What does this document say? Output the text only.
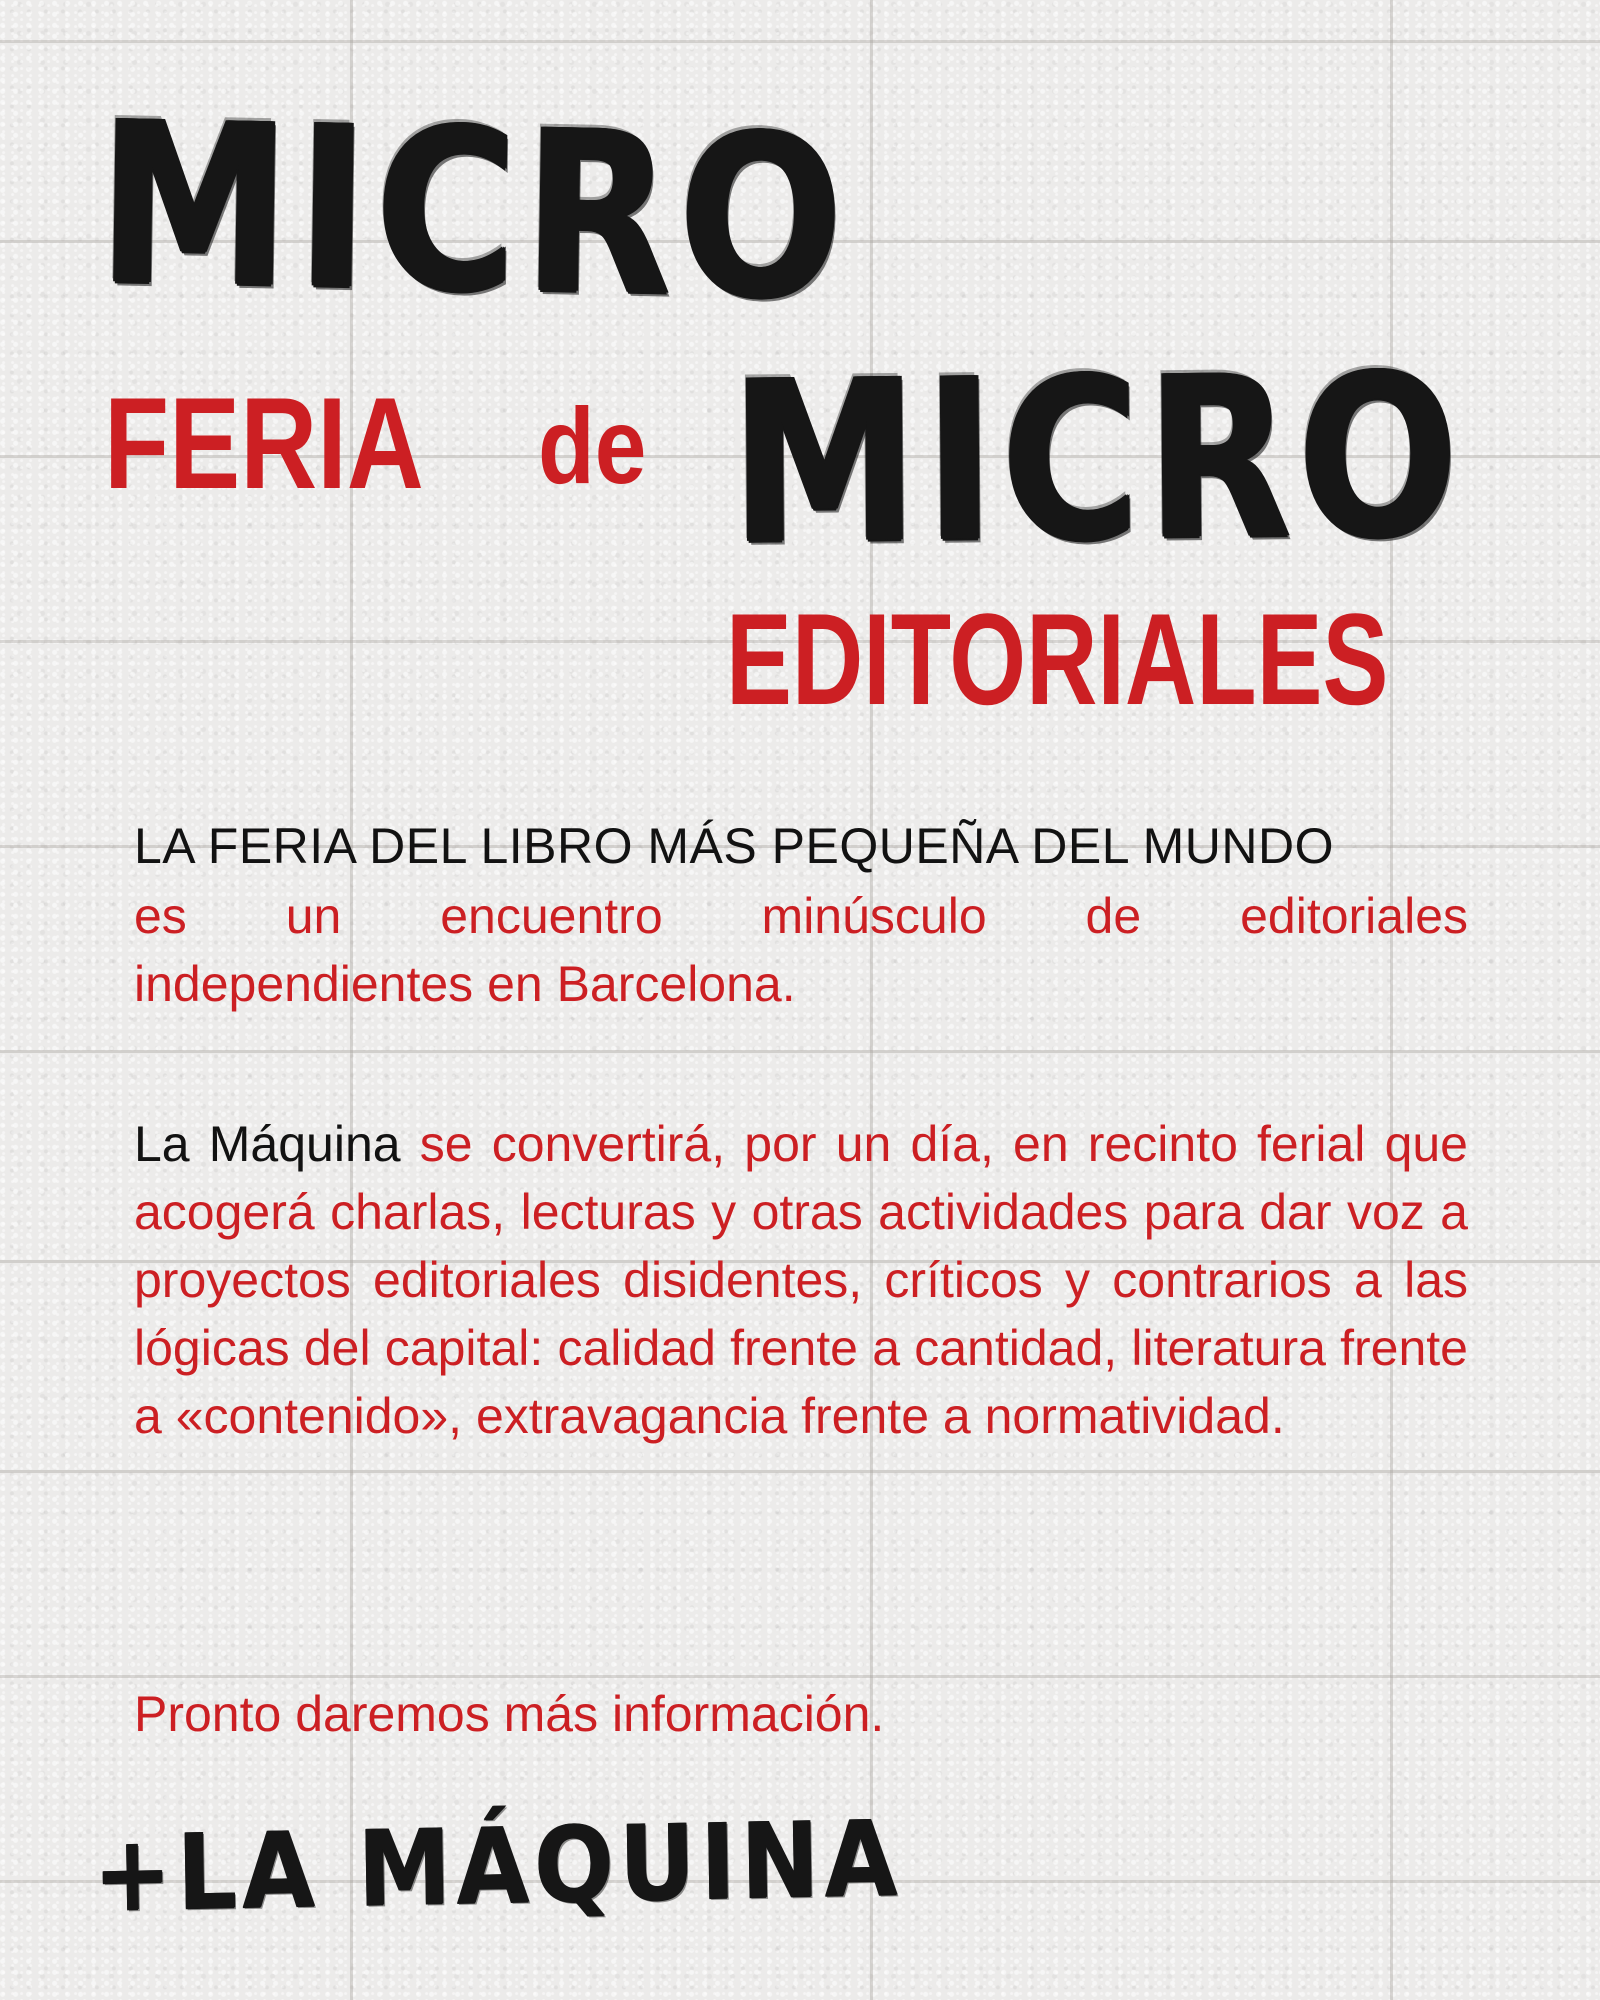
MICRO
FERIA de MICRO
EDITORIALES
LA FERIA DEL LIBRO MÁS PEQUEÑA DEL MUNDO
es un encuentro minúsculo de editoriales
independientes en Barcelona.
La Máquina se convertirá, por un día, en recinto ferial que acogerá charlas, lecturas y otras actividades para dar voz a proyectos editoriales disidentes, críticos y contrarios a las lógicas del capital: calidad frente a cantidad, literatura frente a «contenido», extravagancia frente a normatividad.
Pronto daremos más información.
+LA MÁQUINA
